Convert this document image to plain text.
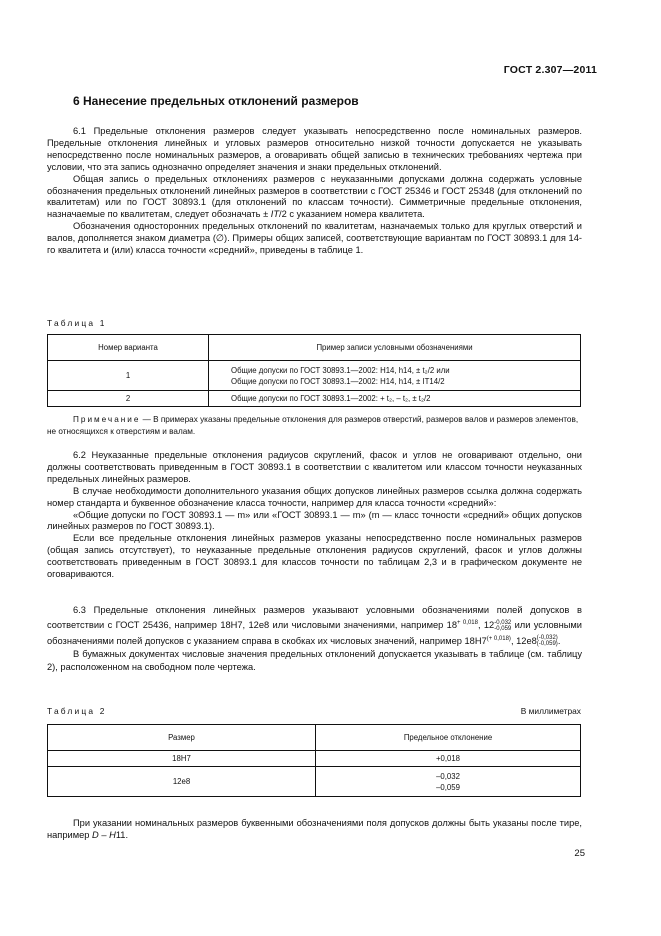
ГОСТ 2.307—2011
6 Нанесение предельных отклонений размеров
6.1 Предельные отклонения размеров следует указывать непосредственно после номинальных размеров. Предельные отклонения линейных и угловых размеров относительно низкой точности допускается не указывать непосредственно после номинальных размеров, а оговаривать общей записью в технических требованиях чертежа при условии, что эта запись однозначно определяет значения и знаки предельных отклонений.
Общая запись о предельных отклонениях размеров с неуказанными допусками должна содержать условные обозначения предельных отклонений линейных размеров в соответствии с ГОСТ 25346 и ГОСТ 25348 (для отклонений по квалитетам) или по ГОСТ 30893.1 (для отклонений по классам точности). Симметричные предельные отклонения, назначаемые по квалитетам, следует обозначать ± IT/2 с указанием номера квалитета.
Обозначения односторонних предельных отклонений по квалитетам, назначаемых только для круглых отверстий и валов, дополняется знаком диаметра (∅). Примеры общих записей, соответствующие вариантам по ГОСТ 30893.1 для 14-го квалитета и (или) класса точности «средний», приведены в таблице 1.
Таблица 1
Номер варианта	Пример записи условными обозначениями
1	Общие допуски по ГОСТ 30893.1—2002: H14, h14, ± t₂/2 или
Общие допуски по ГОСТ 30893.1—2002: H14, h14, ± IT14/2

2	Общие допуски по ГОСТ 30893.1—2002: + t₂, – t₂, ± t₂/2
Примечание — В примерах указаны предельные отклонения для размеров отверстий, размеров валов и размеров элементов, не относящихся к отверстиям и валам.
6.2 Неуказанные предельные отклонения радиусов скруглений, фасок и углов не оговаривают отдельно, они должны соответствовать приведенным в ГОСТ 30893.1 в соответствии с квалитетом или классом точности неуказанных предельных линейных размеров.
В случае необходимости дополнительного указания общих допусков линейных размеров ссылка должна содержать номер стандарта и буквенное обозначение класса точности, например для класса точности «средний»:
«Общие допуски по ГОСТ 30893.1 — m» или «ГОСТ 30893.1 — m» (m — класс точности «средний» общих допусков линейных размеров по ГОСТ 30893.1).
Если все предельные отклонения линейных размеров указаны непосредственно после номинальных размеров (общая запись отсутствует), то неуказанные предельные отклонения радиусов скруглений, фасок и углов должны соответствовать приведенным в ГОСТ 30893.1 для классов точности по таблицам 2,3 и в графическом документе не оговариваются.
6.3 Предельные отклонения линейных размеров указывают условными обозначениями полей допусков в соответствии с ГОСТ 25436, например 18H7, 12e8 или числовыми значениями, например $18^{+ 0,018}$, 12-0,032
-0,059 или условными обозначениями полей допусков с указанием справа в скобках их числовых значений, например $18H7^{(+ 0,018)}$, 12e8(-0,032)
(-0,059).
В бумажных документах числовые значения предельных отклонений допускается указывать в таблице (см. таблицу 2), расположенном на свободном поле чертежа.
Таблица 2	В миллиметрах
Размер	Предельное отклонение
18H7	+0,018
12e8	–0,032
–0,059
При указании номинальных размеров буквенными обозначениями поля допусков должны быть указаны после тире, например D – H11.
25
